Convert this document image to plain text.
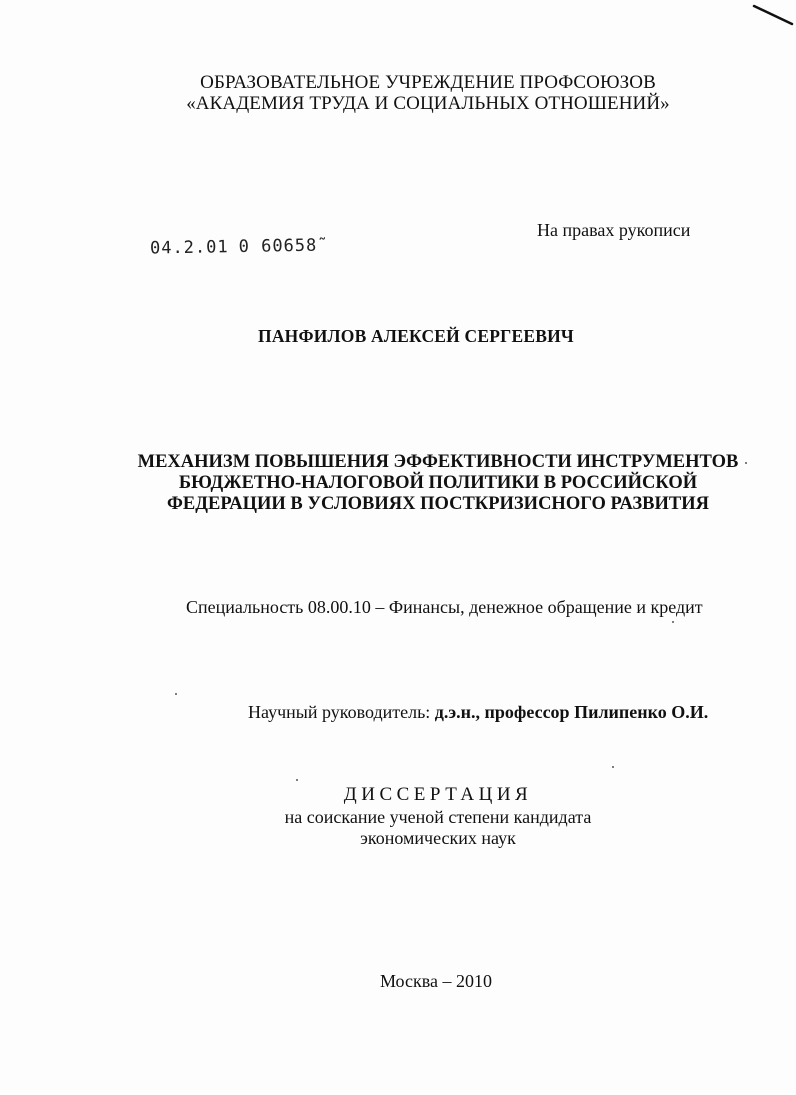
ОБРАЗОВАТЕЛЬНОЕ УЧРЕЖДЕНИЕ ПРОФСОЮЗОВ
«АКАДЕМИЯ ТРУДА И СОЦИАЛЬНЫХ ОТНОШЕНИЙ»
На правах рукописи
04.2.01 0 60658˜
ПАНФИЛОВ АЛЕКСЕЙ СЕРГЕЕВИЧ
МЕХАНИЗМ ПОВЫШЕНИЯ ЭФФЕКТИВНОСТИ ИНСТРУМЕНТОВ
БЮДЖЕТНО-НАЛОГОВОЙ ПОЛИТИКИ В РОССИЙСКОЙ
ФЕДЕРАЦИИ В УСЛОВИЯХ ПОСТКРИЗИСНОГО РАЗВИТИЯ
Специальность 08.00.10 – Финансы, денежное обращение и кредит
Научный руководитель: д.э.н., профессор Пилипенко О.И.
ДИССЕРТАЦИЯ
на соискание ученой степени кандидата
экономических наук
Москва – 2010
